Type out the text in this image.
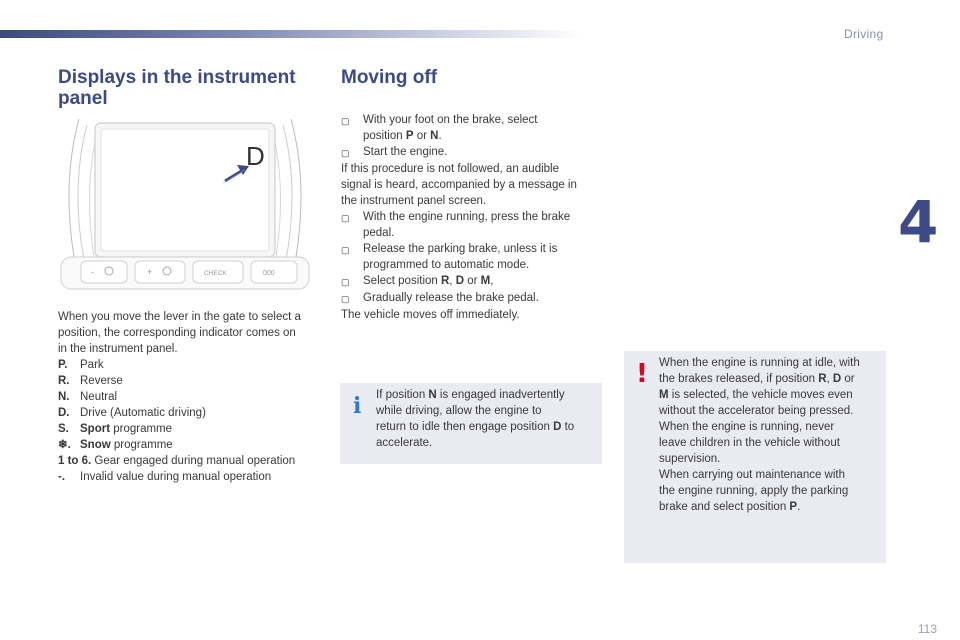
Driving
4
Displays in the instrument
panel
D
-	+	CHECK	000
When you move the lever in the gate to select a
position, the corresponding indicator comes on
in the instrument panel.
P.	Park
R. Reverse
N. Neutral
D. Drive (Automatic driving)
S. Sport programme
❄. Snow programme
1 to 6. Gear engaged during manual operation
-.	Invalid value during manual operation
Moving off
▢	With your foot on the brake, select
position P or N.
▢	Start the engine.
If this procedure is not followed, an audible
signal is heard, accompanied by a message in
the instrument panel screen.
▢	With the engine running, press the brake
pedal.
▢	Release the parking brake, unless it is
programmed to automatic mode.
▢	Select position R, D or M,
▢	Gradually release the brake pedal.
The vehicle moves off immediately.
i If position N is engaged inadvertently
while driving, allow the engine to
return to idle then engage position D to
accelerate.
! When the engine is running at idle, with
the brakes released, if position R, D or
M is selected, the vehicle moves even
without the accelerator being pressed.
When the engine is running, never
leave children in the vehicle without
supervision.
When carrying out maintenance with
the engine running, apply the parking
brake and select position P.
113
